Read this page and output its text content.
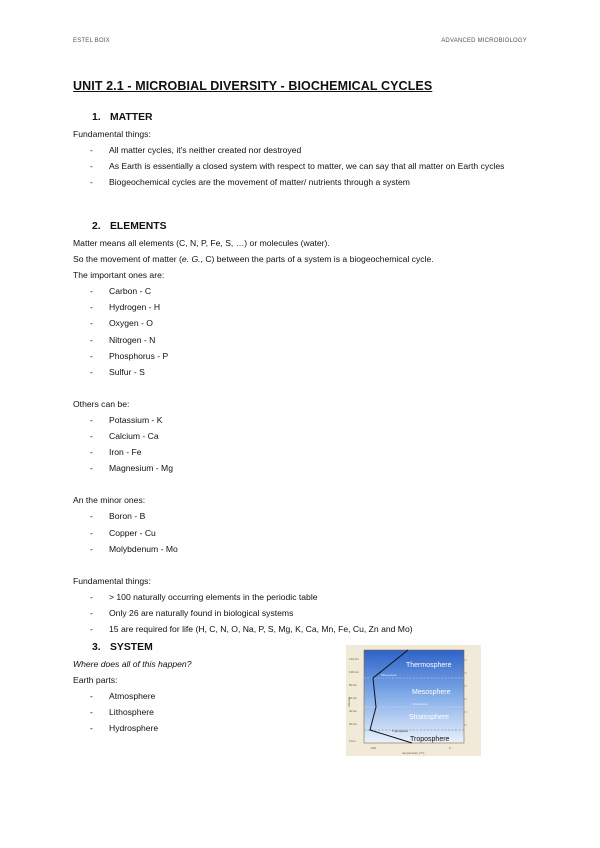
ESTEL BOIX	ADVANCED MICROBIOLOGY
UNIT 2.1 - MICROBIAL DIVERSITY - BIOCHEMICAL CYCLES
1. MATTER

Fundamental things:

- All matter cycles, it's neither created nor destroyed
- As Earth is essentially a closed system with respect to matter, we can say that all matter on Earth cycles
- Biogeochemical cycles are the movement of matter/ nutrients through a system
2. ELEMENTS

Matter means all elements (C, N, P, Fe, S, …) or molecules (water).

So the movement of matter (e. G., C) between the parts of a system is a biogeochemical cycle.

The important ones are:

- Carbon - C
- Hydrogen - H
- Oxygen - O
- Nitrogen - N
- Phosphorus - P
- Sulfur - S

Others can be:

- Potassium - K
- Calcium - Ca
- Iron - Fe
- Magnesium - Mg

An the minor ones:

- Boron - B
- Copper - Cu
- Molybdenum - Mo

Fundamental things:

- > 100 naturally occurring elements in the periodic table
- Only 26 are naturally found in biological systems
- 15 are required for life (H, C, N, O, Na, P, S, Mg, K, Ca, Mn, Fe, Cu, Zn and Mo)
3. SYSTEM

Where does all of this happen?

Earth parts:

- Atmosphere
- Lithosphere
- Hydrosphere
Thermosphere
Mesosphere
Stratosphere
Troposphere
Mesopause
Stratopause
Tropopause
120 km
100 km
80 km
60 km
40 km
20 km
0 km
Altitude
-100	0
temperature (°C)
